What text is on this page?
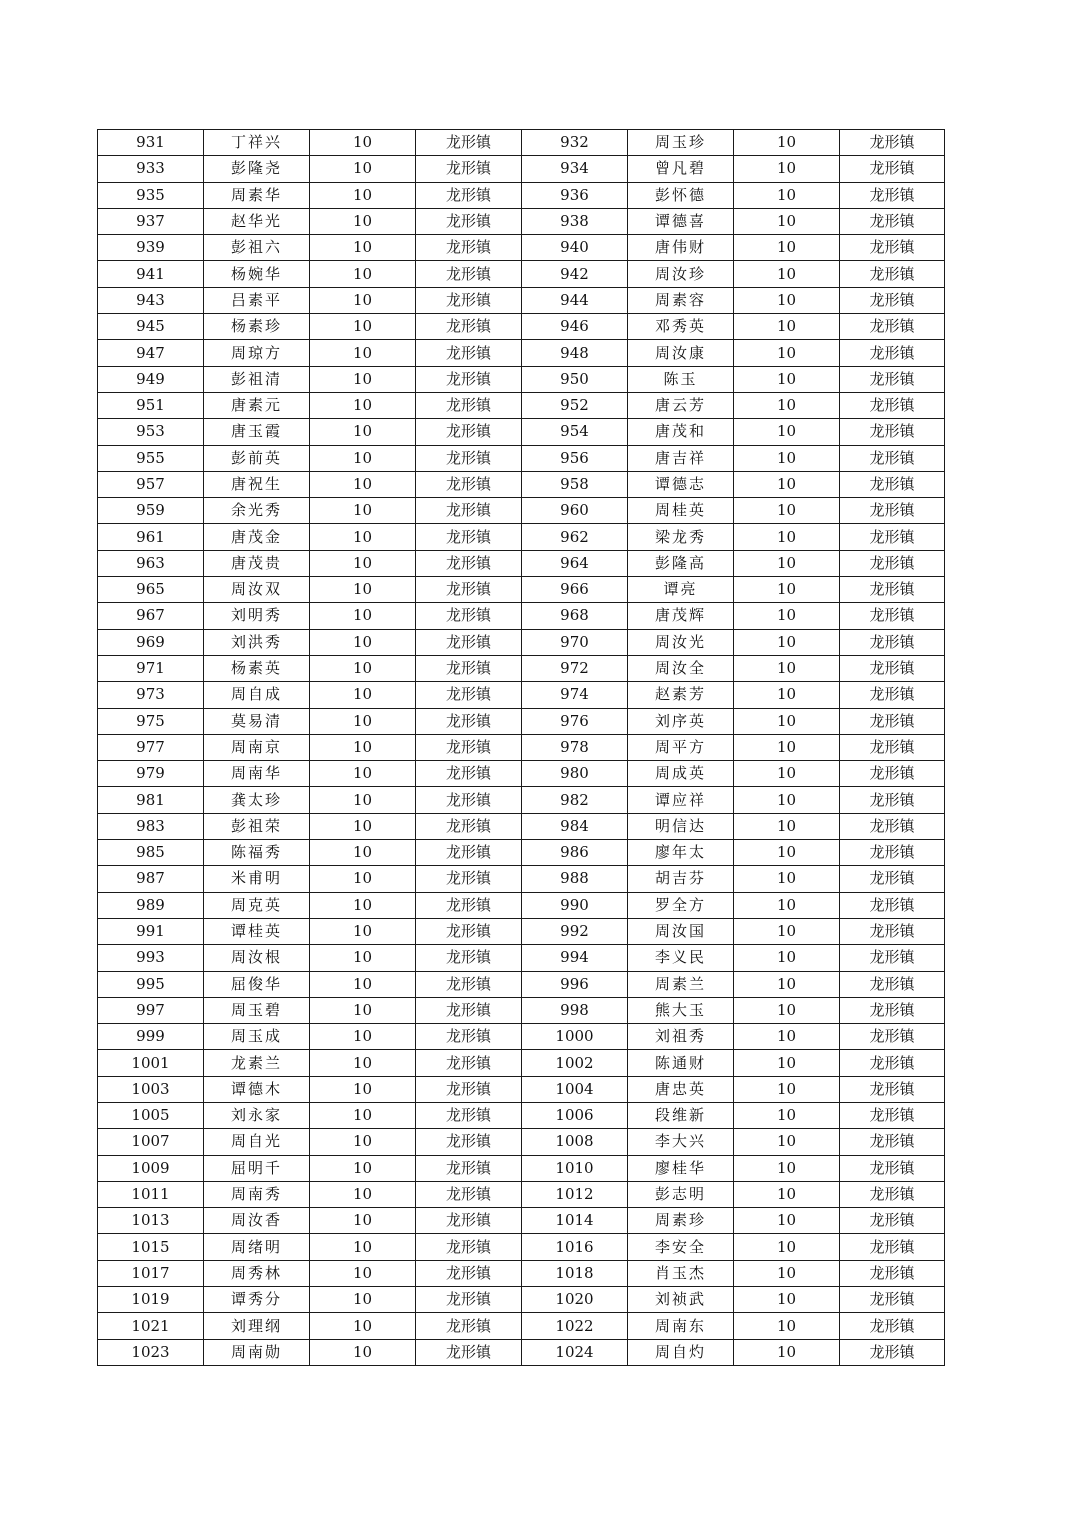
931	丁祥兴	10	龙形镇	932	周玉珍	10	龙形镇
933	彭隆尧	10	龙形镇	934	曾凡碧	10	龙形镇
935	周素华	10	龙形镇	936	彭怀德	10	龙形镇
937	赵华光	10	龙形镇	938	谭德喜	10	龙形镇
939	彭祖六	10	龙形镇	940	唐伟财	10	龙形镇
941	杨婉华	10	龙形镇	942	周汝珍	10	龙形镇
943	吕素平	10	龙形镇	944	周素容	10	龙形镇
945	杨素珍	10	龙形镇	946	邓秀英	10	龙形镇
947	周琼方	10	龙形镇	948	周汝康	10	龙形镇
949	彭祖清	10	龙形镇	950	陈玉	10	龙形镇
951	唐素元	10	龙形镇	952	唐云芳	10	龙形镇
953	唐玉霞	10	龙形镇	954	唐茂和	10	龙形镇
955	彭前英	10	龙形镇	956	唐吉祥	10	龙形镇
957	唐祝生	10	龙形镇	958	谭德志	10	龙形镇
959	余光秀	10	龙形镇	960	周桂英	10	龙形镇
961	唐茂金	10	龙形镇	962	梁龙秀	10	龙形镇
963	唐茂贵	10	龙形镇	964	彭隆高	10	龙形镇
965	周汝双	10	龙形镇	966	谭亮	10	龙形镇
967	刘明秀	10	龙形镇	968	唐茂辉	10	龙形镇
969	刘洪秀	10	龙形镇	970	周汝光	10	龙形镇
971	杨素英	10	龙形镇	972	周汝全	10	龙形镇
973	周自成	10	龙形镇	974	赵素芳	10	龙形镇
975	莫易清	10	龙形镇	976	刘序英	10	龙形镇
977	周南京	10	龙形镇	978	周平方	10	龙形镇
979	周南华	10	龙形镇	980	周成英	10	龙形镇
981	龚太珍	10	龙形镇	982	谭应祥	10	龙形镇
983	彭祖荣	10	龙形镇	984	明信达	10	龙形镇
985	陈福秀	10	龙形镇	986	廖年太	10	龙形镇
987	米甫明	10	龙形镇	988	胡吉芬	10	龙形镇
989	周克英	10	龙形镇	990	罗全方	10	龙形镇
991	谭桂英	10	龙形镇	992	周汝国	10	龙形镇
993	周汝根	10	龙形镇	994	李义民	10	龙形镇
995	屈俊华	10	龙形镇	996	周素兰	10	龙形镇
997	周玉碧	10	龙形镇	998	熊大玉	10	龙形镇
999	周玉成	10	龙形镇	1000	刘祖秀	10	龙形镇
1001	龙素兰	10	龙形镇	1002	陈通财	10	龙形镇
1003	谭德木	10	龙形镇	1004	唐忠英	10	龙形镇
1005	刘永家	10	龙形镇	1006	段维新	10	龙形镇
1007	周自光	10	龙形镇	1008	李大兴	10	龙形镇
1009	屈明千	10	龙形镇	1010	廖桂华	10	龙形镇
1011	周南秀	10	龙形镇	1012	彭志明	10	龙形镇
1013	周汝香	10	龙形镇	1014	周素珍	10	龙形镇
1015	周绪明	10	龙形镇	1016	李安全	10	龙形镇
1017	周秀林	10	龙形镇	1018	肖玉杰	10	龙形镇
1019	谭秀分	10	龙形镇	1020	刘祯武	10	龙形镇
1021	刘理纲	10	龙形镇	1022	周南东	10	龙形镇
1023	周南勋	10	龙形镇	1024	周自灼	10	龙形镇
